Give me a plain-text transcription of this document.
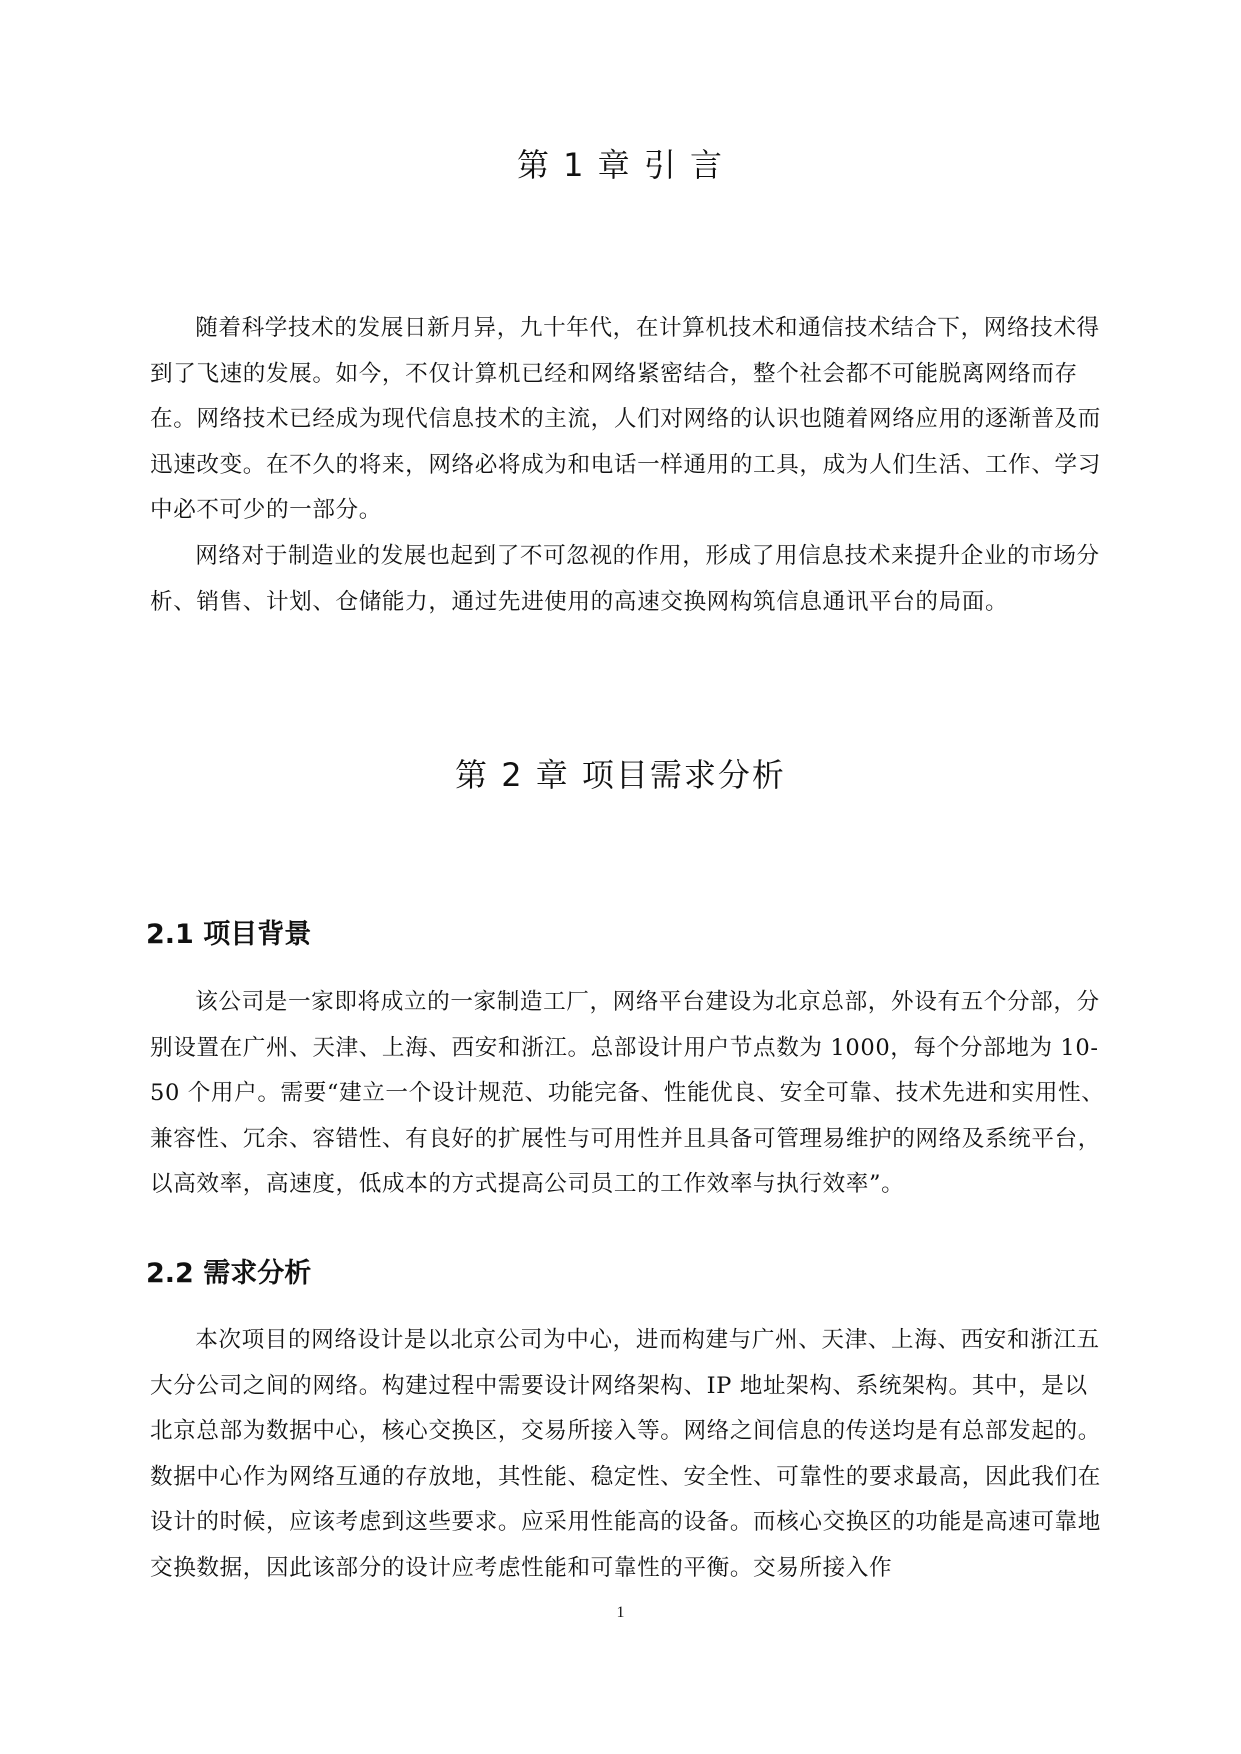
第 1 章 引 言

随着科学技术的发展日新月异，九十年代，在计算机技术和通信技术结合下，网络技术得到了飞速的发展。如今，不仅计算机已经和网络紧密结合，整个社会都不可能脱离网络而存在。网络技术已经成为现代信息技术的主流，人们对网络的认识也随着网络应用的逐渐普及而迅速改变。在不久的将来，网络必将成为和电话一样通用的工具，成为人们生活、工作、学习中必不可少的一部分。

网络对于制造业的发展也起到了不可忽视的作用，形成了用信息技术来提升企业的市场分析、销售、计划、仓储能力，通过先进使用的高速交换网构筑信息通讯平台的局面。

第 2 章 项目需求分析
2.1 项目背景

该公司是一家即将成立的一家制造工厂，网络平台建设为北京总部，外设有五个分部，分别设置在广州、天津、上海、西安和浙江。总部设计用户节点数为 1000，每个分部地为 10-50 个用户。需要“建立一个设计规范、功能完备、性能优良、安全可靠、技术先进和实用性、兼容性、冗余、容错性、有良好的扩展性与可用性并且具备可管理易维护的网络及系统平台，以高效率，高速度，低成本的方式提高公司员工的工作效率与执行效率”。

2.2 需求分析

本次项目的网络设计是以北京公司为中心，进而构建与广州、天津、上海、西安和浙江五大分公司之间的网络。构建过程中需要设计网络架构、IP 地址架构、系统架构。其中，是以北京总部为数据中心，核心交换区，交易所接入等。网络之间信息的传送均是有总部发起的。数据中心作为网络互通的存放地，其性能、稳定性、安全性、可靠性的要求最高，因此我们在设计的时候，应该考虑到这些要求。应采用性能高的设备。而核心交换区的功能是高速可靠地交换数据，因此该部分的设计应考虑性能和可靠性的平衡。交易所接入作

1
